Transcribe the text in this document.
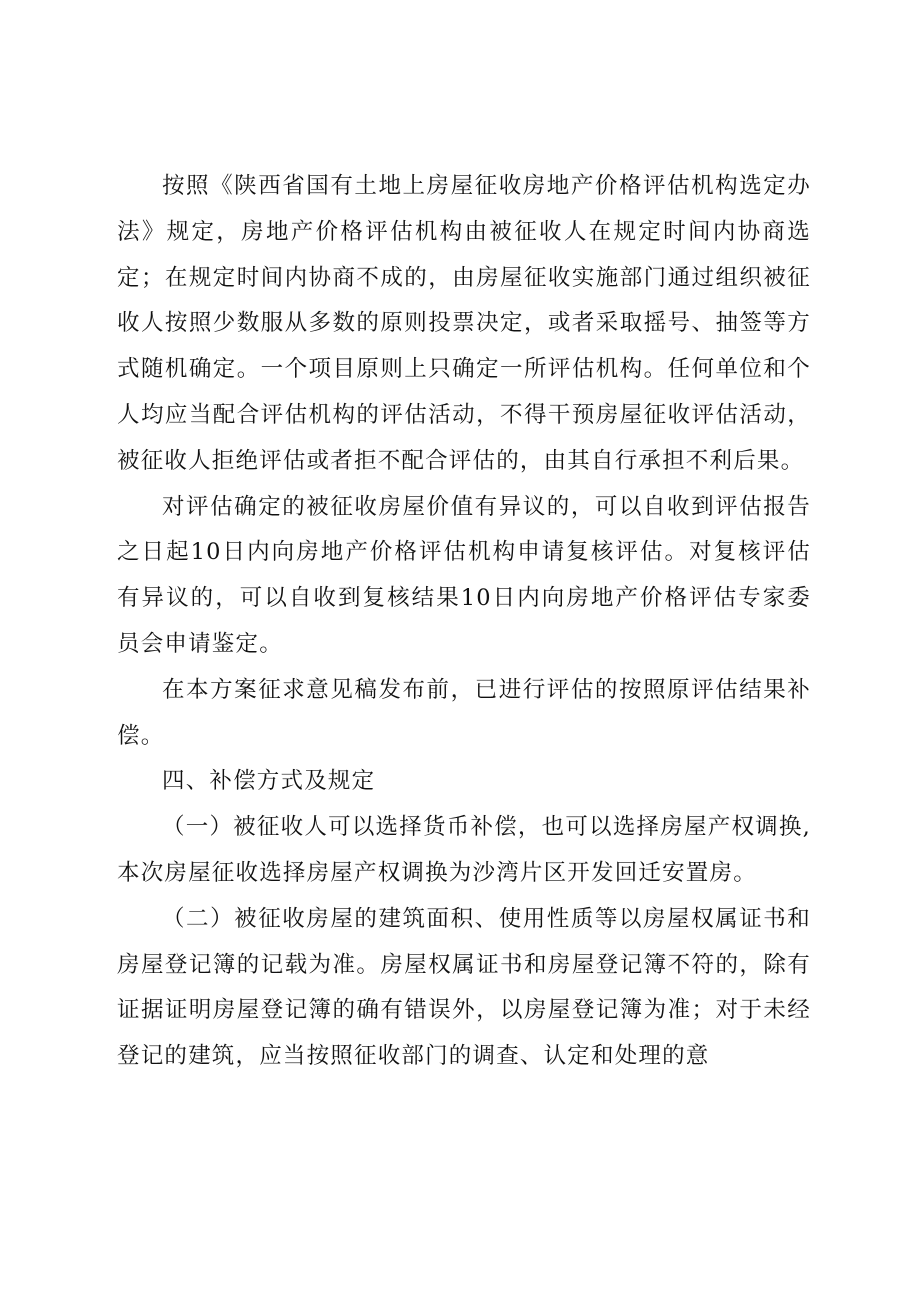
按照《陕西省国有土地上房屋征收房地产价格评估机构选定办法》规定，房地产价格评估机构由被征收人在规定时间内协商选定；在规定时间内协商不成的，由房屋征收实施部门通过组织被征收人按照少数服从多数的原则投票决定，或者采取摇号、抽签等方式随机确定。一个项目原则上只确定一所评估机构。任何单位和个人均应当配合评估机构的评估活动，不得干预房屋征收评估活动，被征收人拒绝评估或者拒不配合评估的，由其自行承担不利后果。

对评估确定的被征收房屋价值有异议的，可以自收到评估报告之日起10日内向房地产价格评估机构申请复核评估。对复核评估有异议的，可以自收到复核结果10日内向房地产价格评估专家委员会申请鉴定。

在本方案征求意见稿发布前，已进行评估的按照原评估结果补偿。

四、补偿方式及规定

（一）被征收人可以选择货币补偿，也可以选择房屋产权调换,本次房屋征收选择房屋产权调换为沙湾片区开发回迁安置房。

（二）被征收房屋的建筑面积、使用性质等以房屋权属证书和房屋登记簿的记载为准。房屋权属证书和房屋登记簿不符的，除有证据证明房屋登记簿的确有错误外，以房屋登记簿为准；对于未经登记的建筑，应当按照征收部门的调查、认定和处理的意
